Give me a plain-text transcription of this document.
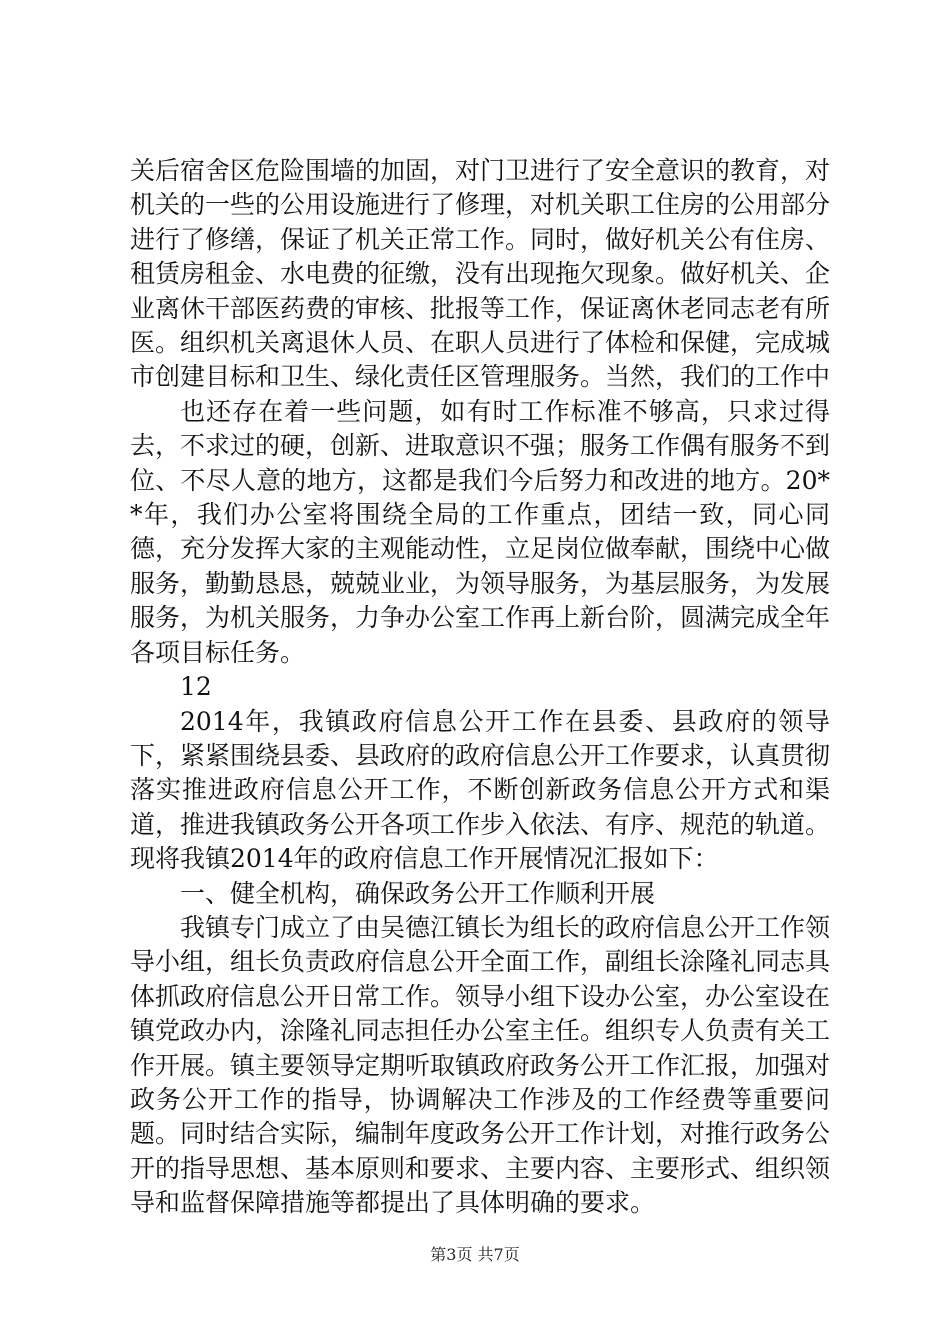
关后宿舍区危险围墙的加固，对门卫进行了安全意识的教育，对机关的一些的公用设施进行了修理，对机关职工住房的公用部分进行了修缮，保证了机关正常工作。同时，做好机关公有住房、租赁房租金、水电费的征缴，没有出现拖欠现象。做好机关、企业离休干部医药费的审核、批报等工作，保证离休老同志老有所医。组织机关离退休人员、在职人员进行了体检和保健，完成城市创建目标和卫生、绿化责任区管理服务。当然，我们的工作中

也还存在着一些问题，如有时工作标准不够高，只求过得去，不求过的硬，创新、进取意识不强；服务工作偶有服务不到位、不尽人意的地方，这都是我们今后努力和改进的地方。20**年，我们办公室将围绕全局的工作重点，团结一致，同心同德，充分发挥大家的主观能动性，立足岗位做奉献，围绕中心做服务，勤勤恳恳，兢兢业业，为领导服务，为基层服务，为发展服务，为机关服务，力争办公室工作再上新台阶，圆满完成全年各项目标任务。

12

2014年，我镇政府信息公开工作在县委、县政府的领导下，紧紧围绕县委、县政府的政府信息公开工作要求，认真贯彻落实推进政府信息公开工作，不断创新政务信息公开方式和渠道，推进我镇政务公开各项工作步入依法、有序、规范的轨道。现将我镇2014年的政府信息工作开展情况汇报如下：

一、健全机构，确保政务公开工作顺利开展

我镇专门成立了由吴德江镇长为组长的政府信息公开工作领导小组，组长负责政府信息公开全面工作，副组长涂隆礼同志具体抓政府信息公开日常工作。领导小组下设办公室，办公室设在镇党政办内，涂隆礼同志担任办公室主任。组织专人负责有关工作开展。镇主要领导定期听取镇政府政务公开工作汇报，加强对政务公开工作的指导，协调解决工作涉及的工作经费等重要问题。同时结合实际，编制年度政务公开工作计划，对推行政务公开的指导思想、基本原则和要求、主要内容、主要形式、组织领导和监督保障措施等都提出了具体明确的要求。

第3页 共7页
